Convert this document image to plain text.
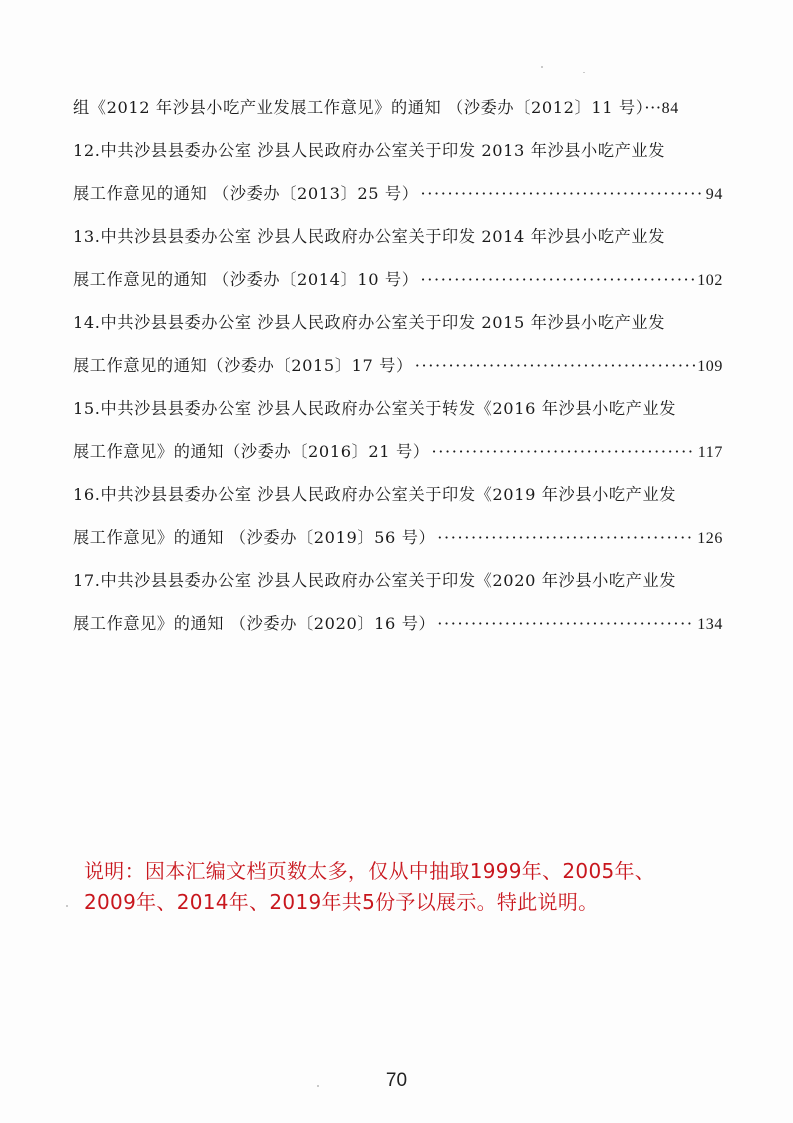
组《2012 年沙县小吃产业发展工作意见》的通知 （沙委办〔2012〕11 号）··· 84
12.中共沙县县委办公室 沙县人民政府办公室关于印发 2013 年沙县小吃产业发
展工作意见的通知 （沙委办〔2013〕25 号） ·····	94
13.中共沙县县委办公室 沙县人民政府办公室关于印发 2014 年沙县小吃产业发
展工作意见的通知 （沙委办〔2014〕10 号） ·····	102
14.中共沙县县委办公室 沙县人民政府办公室关于印发 2015 年沙县小吃产业发
展工作意见的通知（沙委办〔2015〕17 号） ·····	109
15.中共沙县县委办公室 沙县人民政府办公室关于转发《2016 年沙县小吃产业发
展工作意见》的通知（沙委办〔2016〕21 号） ·····	117
16.中共沙县县委办公室 沙县人民政府办公室关于印发《2019 年沙县小吃产业发
展工作意见》的通知 （沙委办〔2019〕56 号） ·····	126
17.中共沙县县委办公室 沙县人民政府办公室关于印发《2020 年沙县小吃产业发
展工作意见》的通知 （沙委办〔2020〕16 号） ·····	134
说明：因本汇编文档页数太多，仅从中抽取1999年、2005年、
2009年、2014年、2019年共5份予以展示。特此说明。
70
